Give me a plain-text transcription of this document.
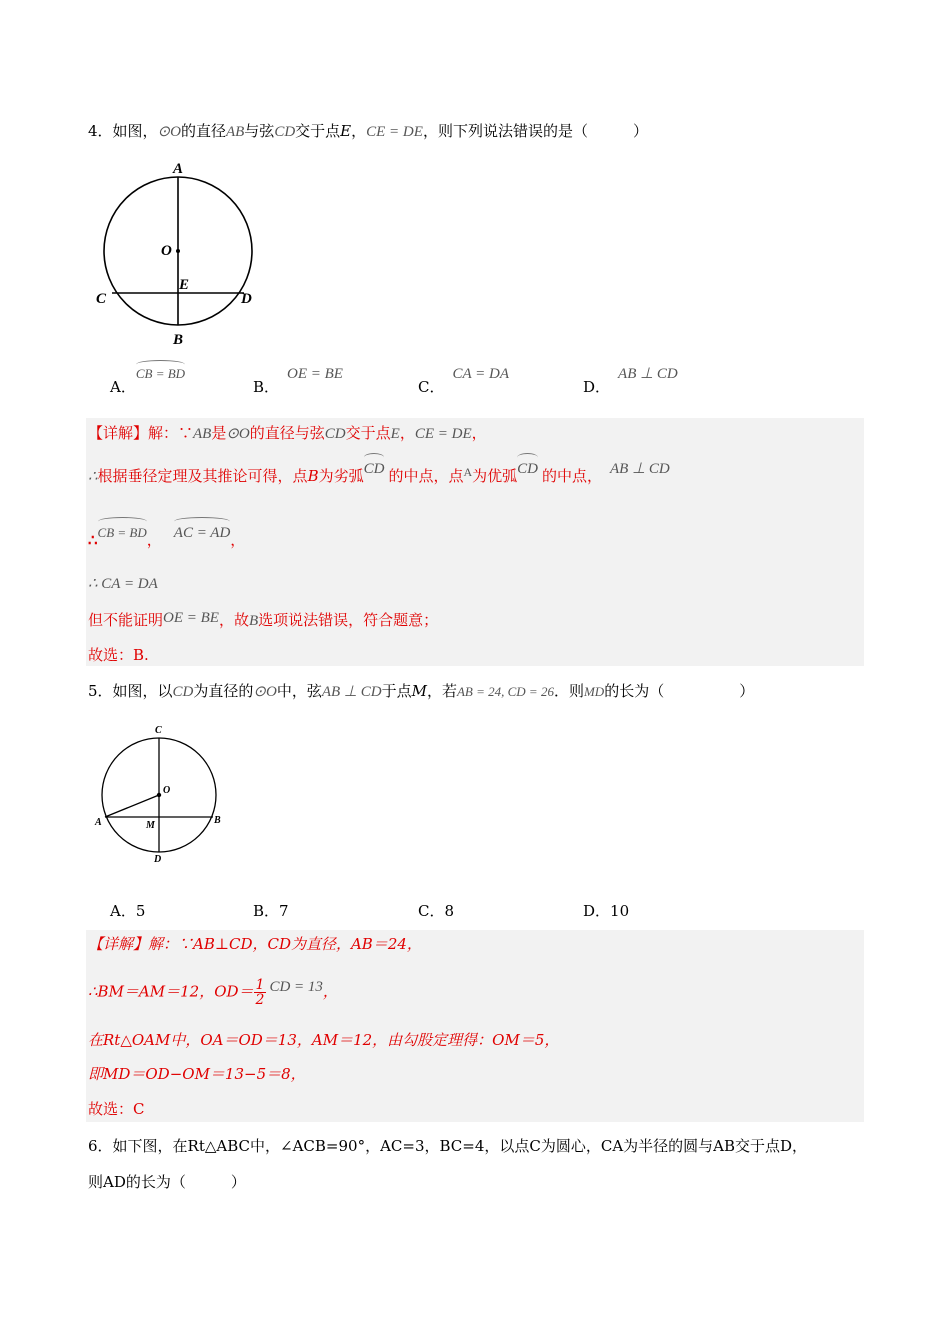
4．如图，⊙O的直径AB与弦CD交于点E，CE = DE，则下列说法错误的是（　　　）
A
O
E
C	D
B
A．CB = BD
B．OE = BE
C．CA = DA
D．AB ⊥ CD
【详解】解：∵AB是⊙O的直径与弦CD交于点E，CE = DE，
∴根据垂径定理及其推论可得，点B为劣弧CD 的中点，点$^A$为优弧CD 的中点， AB ⊥ CD
∴CB = BD， AC = AD，
∴ CA = DA
但不能证明OE = BE，故B选项说法错误，符合题意；
故选：B.
5．如图，以CD为直径的⊙O中，弦AB ⊥ CD于点M，若AB = 24, CD = 26．则MD的长为（　　　　　）
C
O
A	M	B
D
A．5	B．7	C．8	D．10
【详解】解：∵AB⊥CD，CD为直径，AB＝24，
∴BM＝AM＝12，$OD= \frac{1}{2}$ CD = 13，
在Rt△OAM中，OA＝OD＝13，AM＝12，由勾股定理得：OM＝5，
即MD＝OD−OM＝13−5＝8，
故选：C
6．如下图，在Rt△ABC中，∠ACB=90°，AC=3，BC=4，以点C为圆心，CA为半径的圆与AB交于点D，
则AD的长为（　　　）
